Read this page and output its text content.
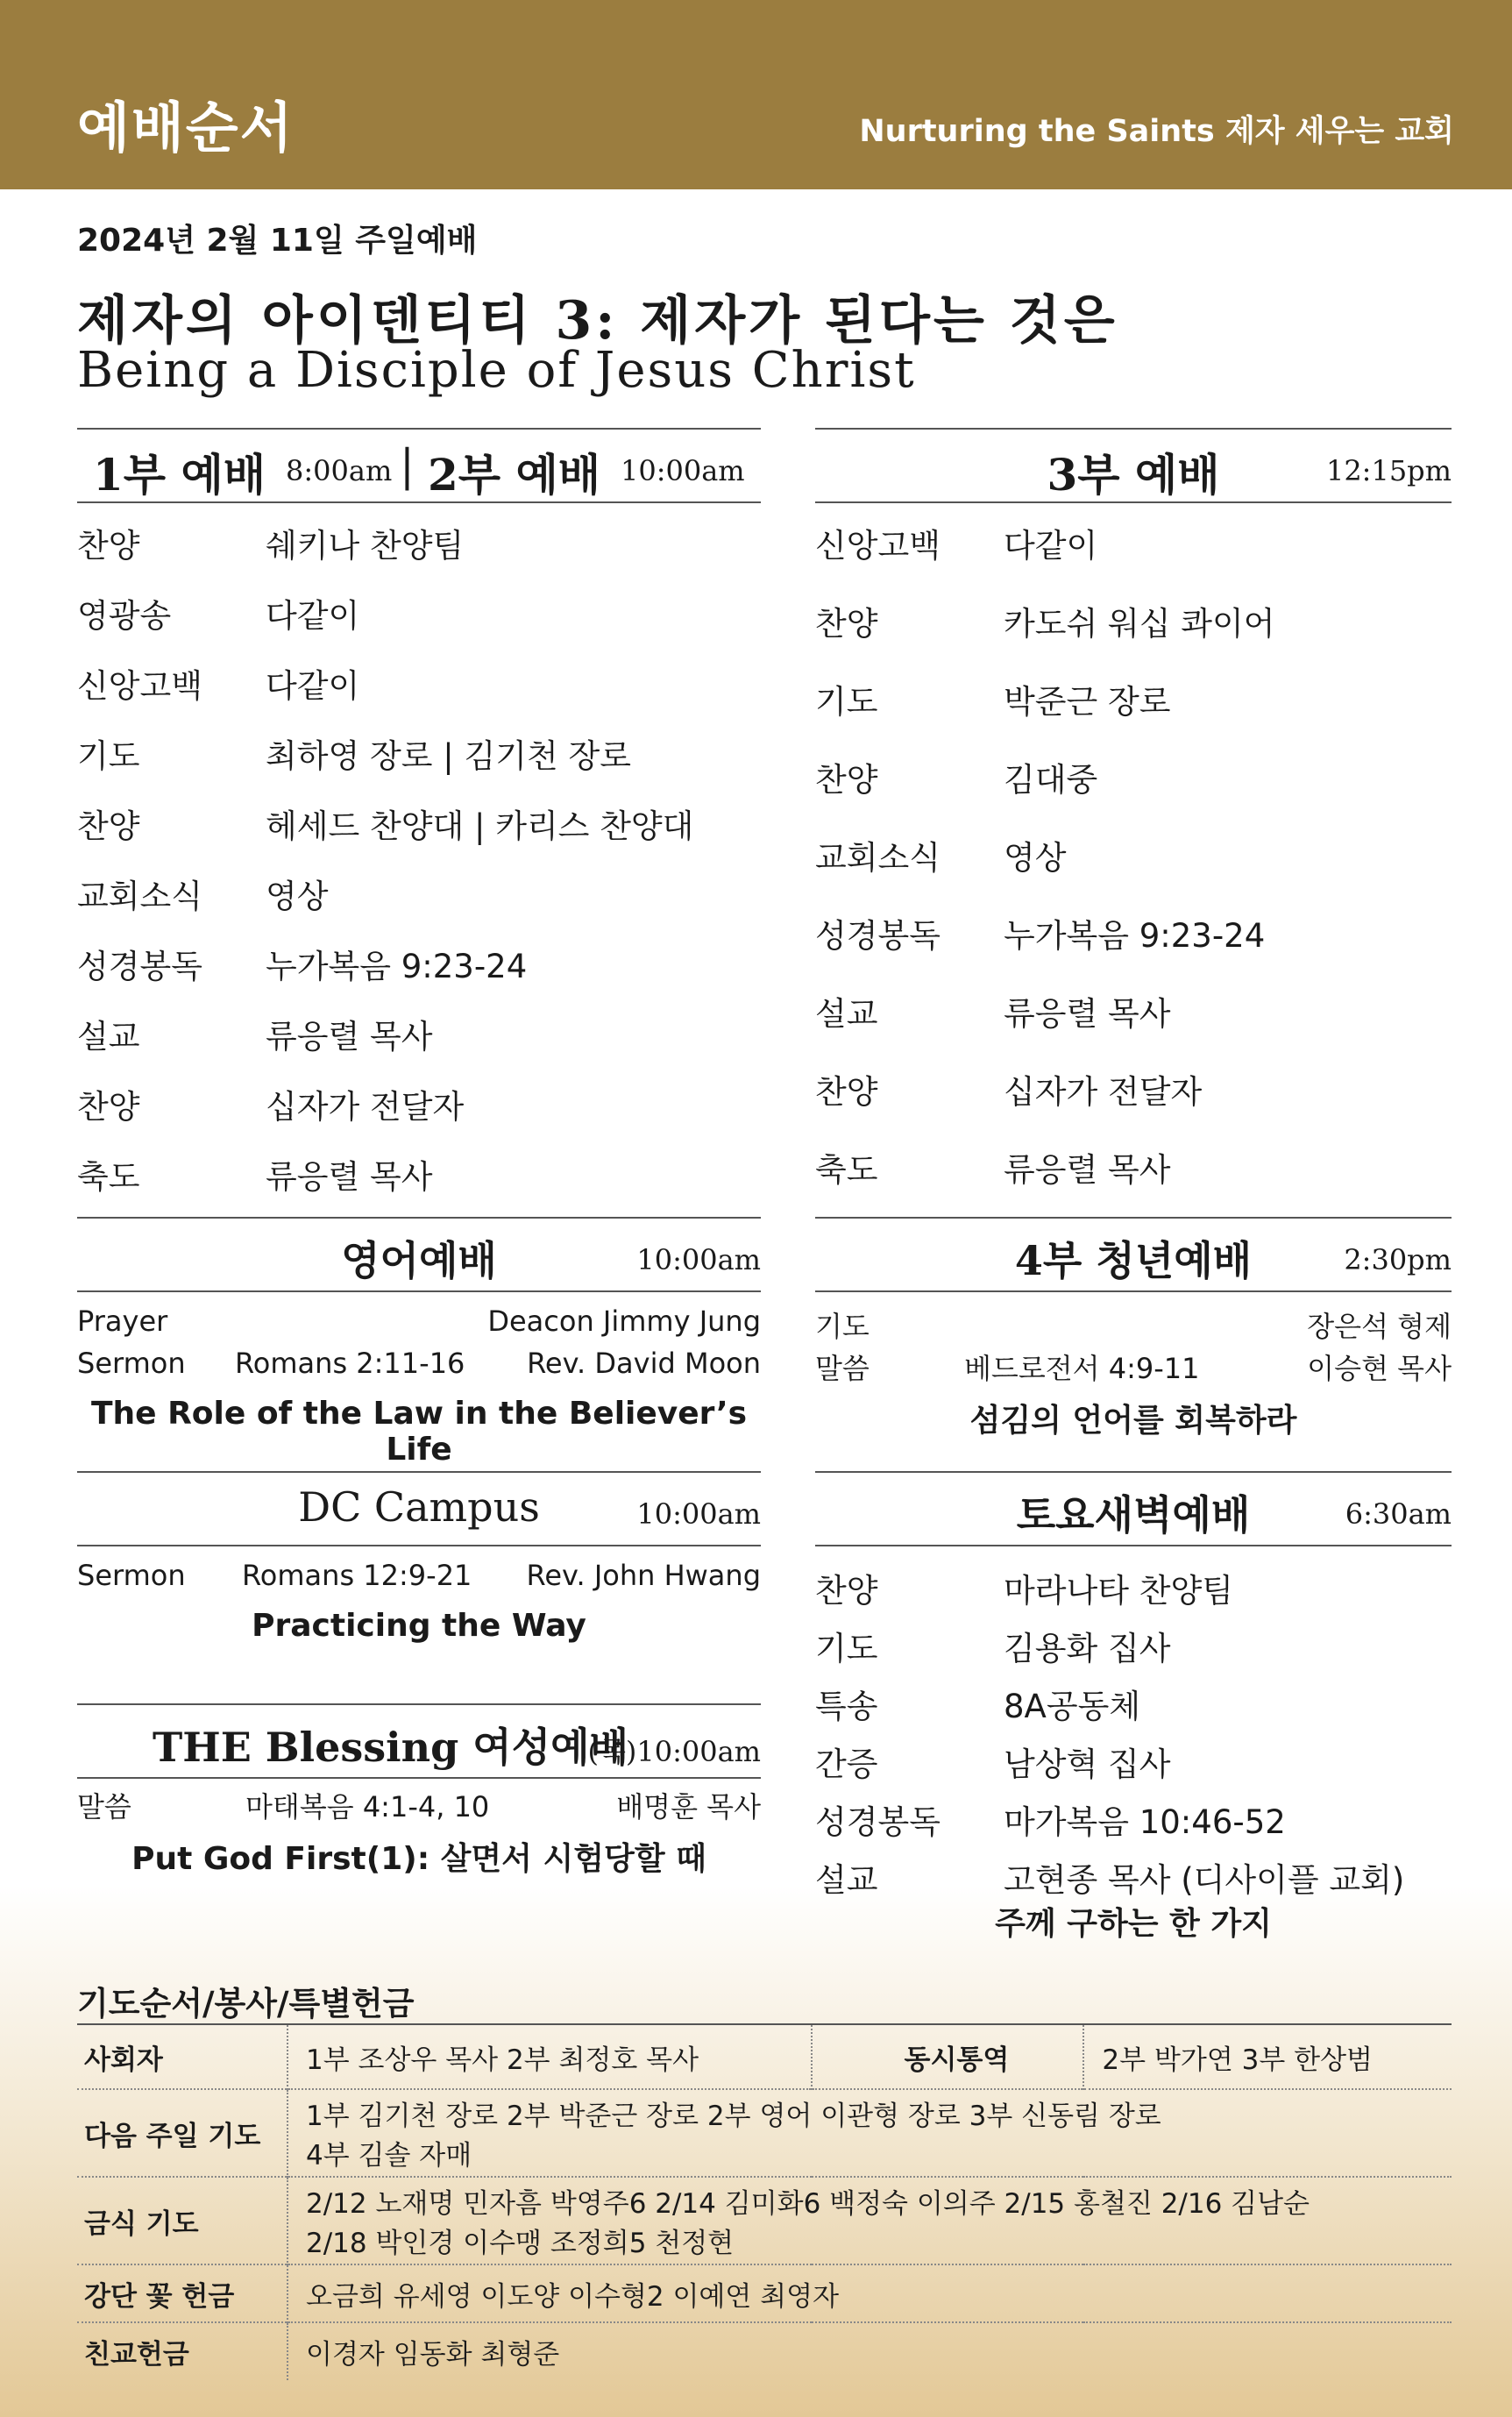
예배순서	Nurturing the Saints 제자 세우는 교회
2024년 2월 11일 주일예배
제자의 아이덴티티 3: 제자가 된다는 것은
Being a Disciple of Jesus Christ
1부 예배 8:00am | 2부 예배 10:00am
찬양	쉐키나 찬양팀
영광송	다같이
신앙고백 다같이
기도	최하영 장로 | 김기천 장로
찬양	헤세드 찬양대 | 카리스 찬양대
교회소식 영상
성경봉독 누가복음 9:23-24
설교	류응렬 목사
찬양	십자가 전달자
축도	류응렬 목사
영어예배	10:00am
Prayer	Deacon Jimmy Jung
Sermon Romans 2:11-16 Rev. David Moon
The Role of the Law in the Believer’s Life
DC Campus	10:00am
Sermon Romans 12:9-21 Rev. John Hwang
Practicing the Way
THE Blessing 여성예배
(목)10:00am
말씀	마태복음 4:1-4, 10	배명훈 목사
Put God First(1): 살면서 시험당할 때
3부 예배	12:15pm
신앙고백 다같이
찬양	카도쉬 워십 콰이어
기도	박준근 장로
찬양	김대중
교회소식 영상
성경봉독 누가복음 9:23-24
설교	류응렬 목사
찬양	십자가 전달자
축도	류응렬 목사
4부 청년예배	2:30pm
기도	장은석 형제
말씀	베드로전서 4:9-11	이승현 목사
섬김의 언어를 회복하라
토요새벽예배	6:30am
찬양	마라나타 찬양팀
기도	김용화 집사
특송	8A공동체
간증	남상혁 집사
성경봉독 마가복음 10:46-52
설교	고현종 목사 (디사이플 교회)
주께 구하는 한 가지
기도순서/봉사/특별헌금
사회자	1부 조상우 목사 2부 최정호 목사	동시통역	2부 박가연 3부 한상범
다음 주일 기도	1부 김기천 장로 2부 박준근 장로 2부 영어 이관형 장로 3부 신동림 장로
4부 김솔 자매		

금식 기도	2/12 노재명 민자흠 박영주6 2/14 김미화6 백정숙 이의주 2/15 홍철진 2/16 김남순
2/18 박인경 이수맹 조정희5 천정현		

강단 꽃 헌금	오금희 유세영 이도양 이수형2 이예연 최영자		
친교헌금	이경자 임동화 최형준		
